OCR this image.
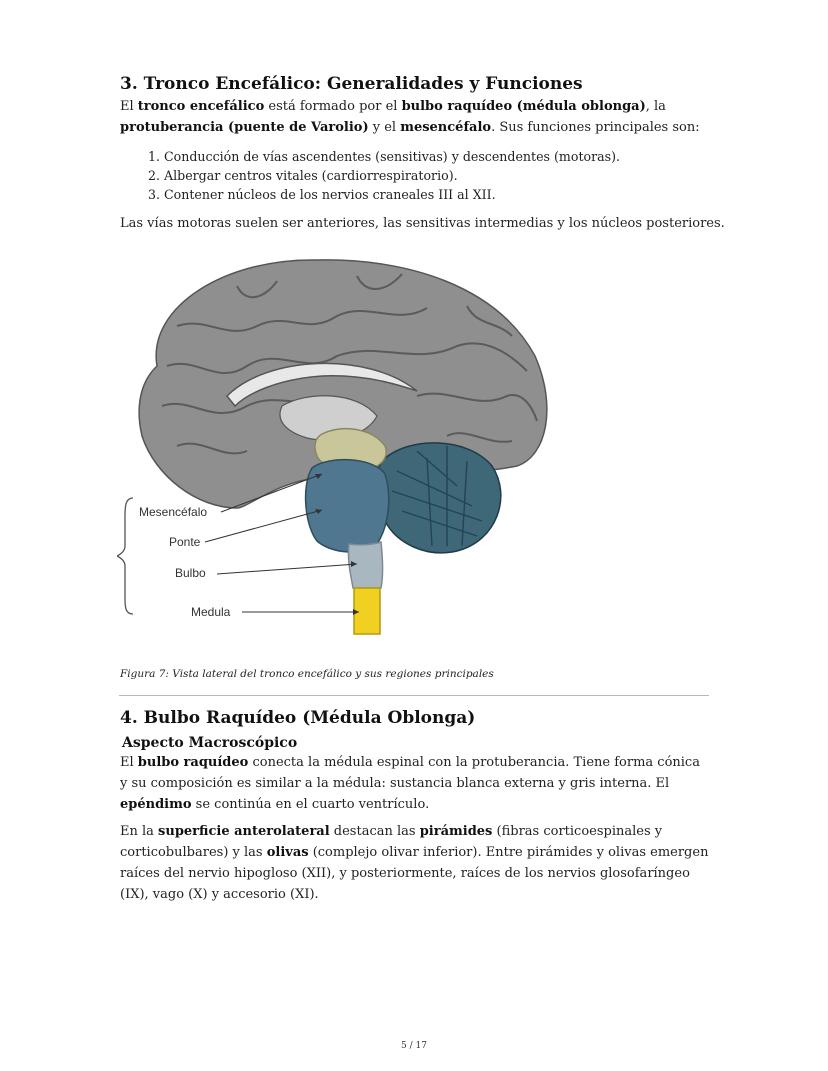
3. Tronco Encefálico: Generalidades y Funciones

El tronco encefálico está formado por el bulbo raquídeo (médula oblonga), la protuberancia (puente de Varolio) y el mesencéfalo. Sus funciones principales son:

1. Conducción de vías ascendentes (sensitivas) y descendentes (motoras).
2. Albergar centros vitales (cardiorrespiratorio).
3. Contener núcleos de los nervios craneales III al XII.

Las vías motoras suelen ser anteriores, las sensitivas intermedias y los núcleos posteriores.

Mesencéfalo
Ponte
Bulbo
Medula
Figura 7: Vista lateral del tronco encefálico y sus regiones principales
4. Bulbo Raquídeo (Médula Oblonga)
Aspecto Macroscópico

El bulbo raquídeo conecta la médula espinal con la protuberancia. Tiene forma cónica y su composición es similar a la médula: sustancia blanca externa y gris interna. El epéndimo se continúa en el cuarto ventrículo.

En la superficie anterolateral destacan las pirámides (fibras corticoespinales y corticobulbares) y las olivas (complejo olivar inferior). Entre pirámides y olivas emergen raíces del nervio hipogloso (XII), y posteriormente, raíces de los nervios glosofaríngeo (IX), vago (X) y accesorio (XI).

5 / 17
